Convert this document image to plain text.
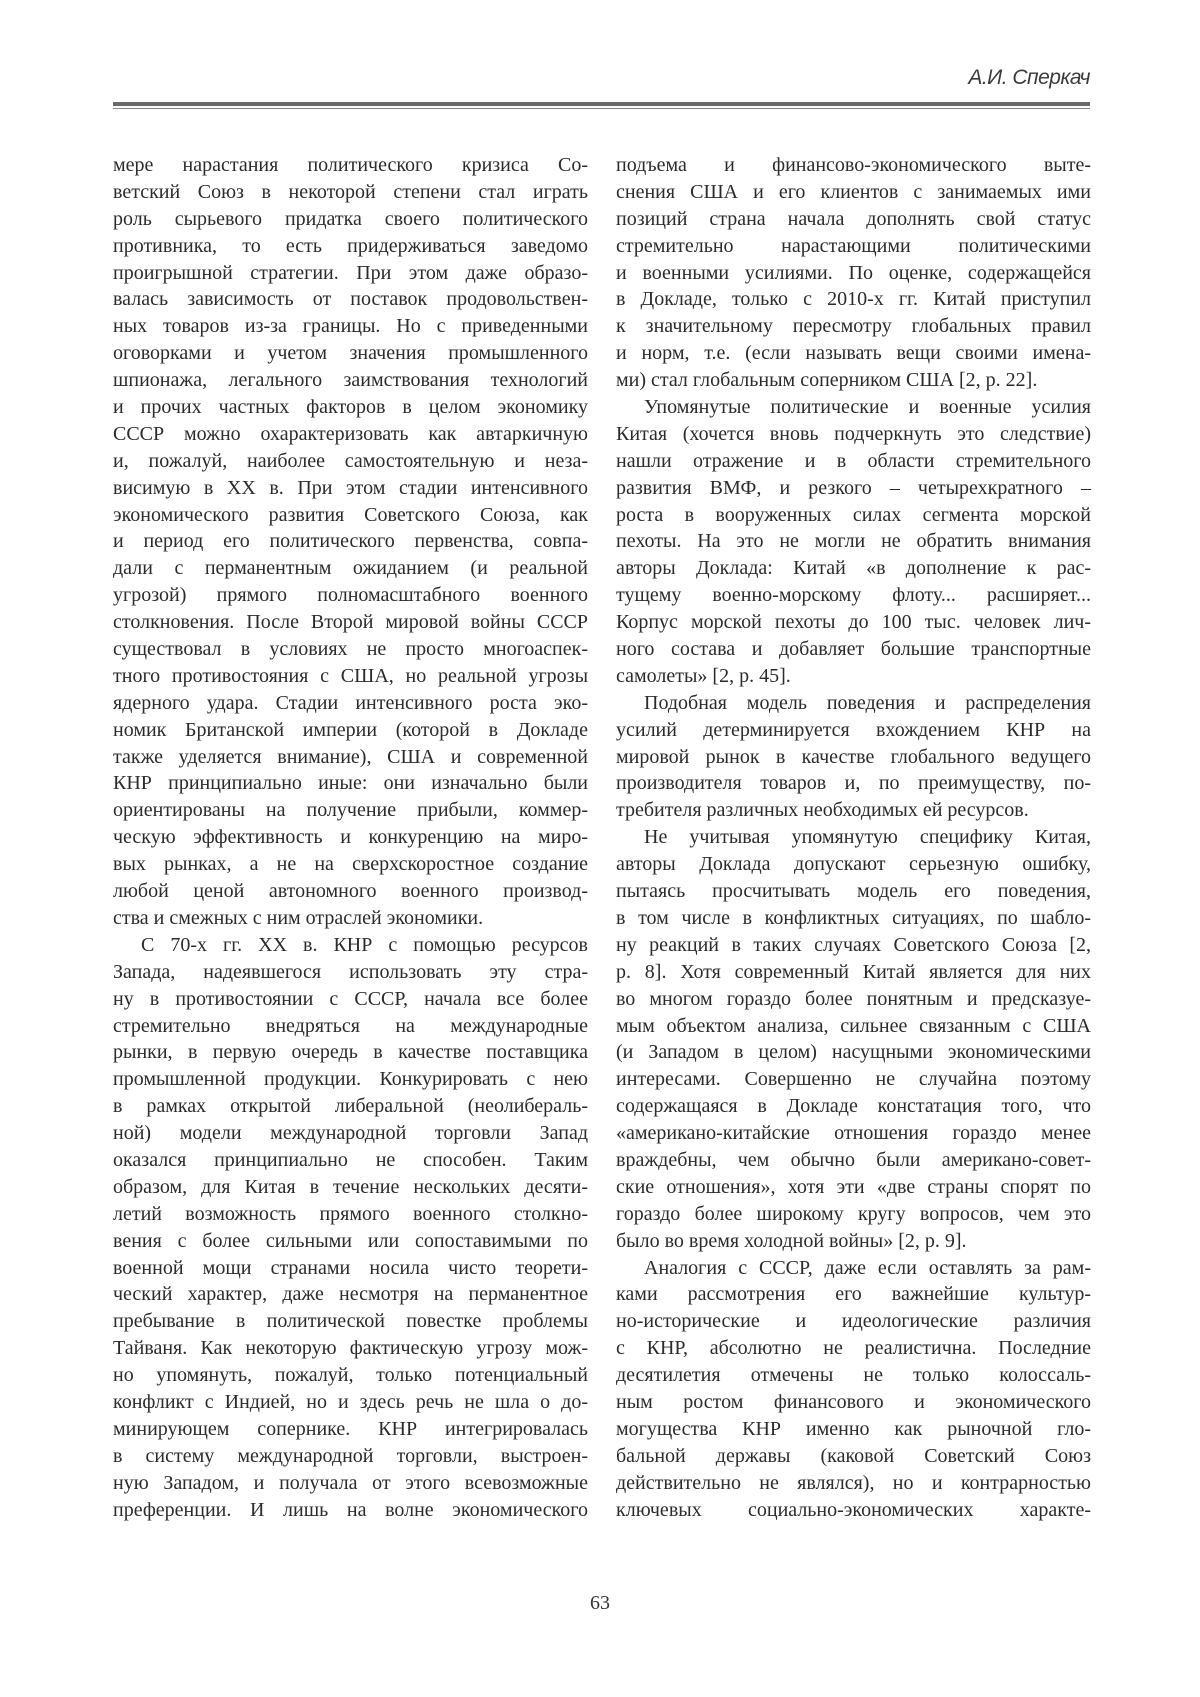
А.И. Сперкач
мере нарастания политического кризиса Со-
ветский Союз в некоторой степени стал играть
роль сырьевого придатка своего политического
противника, то есть придерживаться заведомо
проигрышной стратегии. При этом даже образо-
валась зависимость от поставок продовольствен-
ных товаров из-за границы. Но с приведенными
оговорками и учетом значения промышленного
шпионажа, легального заимствования технологий
и прочих частных факторов в целом экономику
СССР можно охарактеризовать как автаркичную
и, пожалуй, наиболее самостоятельную и неза-
висимую в XX в. При этом стадии интенсивного
экономического развития Советского Союза, как
и период его политического первенства, совпа-
дали с перманентным ожиданием (и реальной
угрозой) прямого полномасштабного военного
столкновения. После Второй мировой войны СССР
существовал в условиях не просто многоаспек-
тного противостояния с США, но реальной угрозы
ядерного удара. Стадии интенсивного роста эко-
номик Британской империи (которой в Докладе
также уделяется внимание), США и современной
КНР принципиально иные: они изначально были
ориентированы на получение прибыли, коммер-
ческую эффективность и конкуренцию на миро-
вых рынках, а не на сверхскоростное создание
любой ценой автономного военного производ-
ства и смежных с ним отраслей экономики.
С 70-х гг. XX в. КНР с помощью ресурсов
Запада, надеявшегося использовать эту стра-
ну в противостоянии с СССР, начала все более
стремительно внедряться на международные
рынки, в первую очередь в качестве поставщика
промышленной продукции. Конкурировать с нею
в рамках открытой либеральной (неолибераль-
ной) модели международной торговли Запад
оказался принципиально не способен. Таким
образом, для Китая в течение нескольких десяти-
летий возможность прямого военного столкно-
вения с более сильными или сопоставимыми по
военной мощи странами носила чисто теорети-
ческий характер, даже несмотря на перманентное
пребывание в политической повестке проблемы
Тайваня. Как некоторую фактическую угрозу мож-
но упомянуть, пожалуй, только потенциальный
конфликт с Индией, но и здесь речь не шла о до-
минирующем сопернике. КНР интегрировалась
в систему международной торговли, выстроен-
ную Западом, и получала от этого всевозможные
преференции. И лишь на волне экономического
подъема и финансово-экономического выте-
снения США и его клиентов с занимаемых ими
позиций страна начала дополнять свой статус
стремительно нарастающими политическими
и военными усилиями. По оценке, содержащейся
в Докладе, только с 2010-х гг. Китай приступил
к значительному пересмотру глобальных правил
и норм, т.е. (если называть вещи своими имена-
ми) стал глобальным соперником США [2, p. 22].
Упомянутые политические и военные усилия
Китая (хочется вновь подчеркнуть это следствие)
нашли отражение и в области стремительного
развития ВМФ, и резкого – четырехкратного –
роста в вооруженных силах сегмента морской
пехоты. На это не могли не обратить внимания
авторы Доклада: Китай «в дополнение к рас-
тущему военно-морскому флоту... расширяет...
Корпус морской пехоты до 100 тыс. человек лич-
ного состава и добавляет большие транспортные
самолеты» [2, p. 45].
Подобная модель поведения и распределения
усилий детерминируется вхождением КНР на
мировой рынок в качестве глобального ведущего
производителя товаров и, по преимуществу, по-
требителя различных необходимых ей ресурсов.
Не учитывая упомянутую специфику Китая,
авторы Доклада допускают серьезную ошибку,
пытаясь просчитывать модель его поведения,
в том числе в конфликтных ситуациях, по шабло-
ну реакций в таких случаях Советского Союза [2,
p. 8]. Хотя современный Китай является для них
во многом гораздо более понятным и предсказуе-
мым объектом анализа, сильнее связанным с США
(и Западом в целом) насущными экономическими
интересами. Совершенно не случайна поэтому
содержащаяся в Докладе констатация того, что
«американо-китайские отношения гораздо менее
враждебны, чем обычно были американо-совет-
ские отношения», хотя эти «две страны спорят по
гораздо более широкому кругу вопросов, чем это
было во время холодной войны» [2, p. 9].
Аналогия с СССР, даже если оставлять за рам-
ками рассмотрения его важнейшие культур-
но-исторические и идеологические различия
с КНР, абсолютно не реалистична. Последние
десятилетия отмечены не только колоссаль-
ным ростом финансового и экономического
могущества КНР именно как рыночной гло-
бальной державы (каковой Советский Союз
действительно не являлся), но и контрарностью
ключевых социально-экономических характе-
63
